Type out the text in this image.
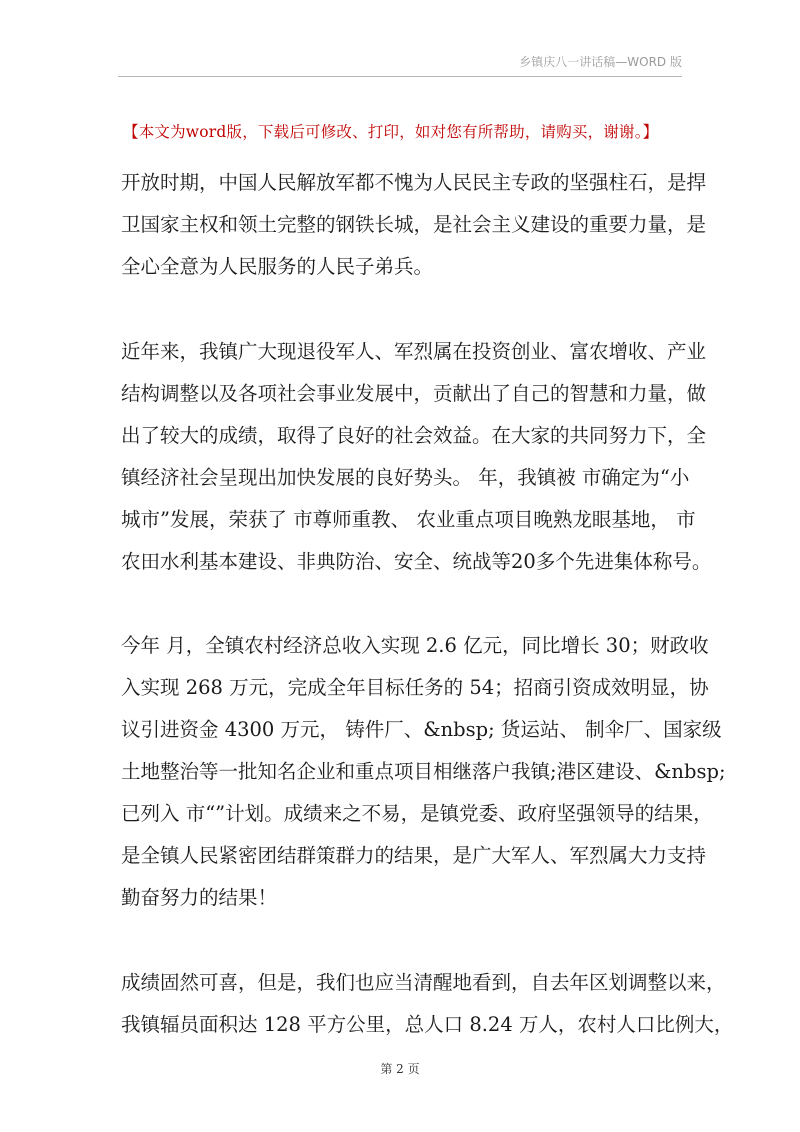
乡镇庆八一讲话稿—WORD 版
【本文为word版，下载后可修改、打印，如对您有所帮助，请购买，谢谢。】
开放时期，中国人民解放军都不愧为人民民主专政的坚强柱石，是捍
卫国家主权和领土完整的钢铁长城，是社会主义建设的重要力量，是
全心全意为人民服务的人民子弟兵。
近年来，我镇广大现退役军人、军烈属在投资创业、富农增收、产业
结构调整以及各项社会事业发展中，贡献出了自己的智慧和力量，做
出了较大的成绩，取得了良好的社会效益。在大家的共同努力下，全
镇经济社会呈现出加快发展的良好势头。 年，我镇被 市确定为“小
城市”发展，荣获了 市尊师重教、 农业重点项目晚熟龙眼基地， 市
农田水利基本建设、非典防治、安全、统战等20多个先进集体称号。
今年 月，全镇农村经济总收入实现 2.6 亿元，同比增长 30；财政收
入实现 268 万元，完成全年目标任务的 54；招商引资成效明显，协
议引进资金 4300 万元， 铸件厂、&nbsp; 货运站、 制伞厂、国家级
土地整治等一批知名企业和重点项目相继落户我镇;港区建设、&nbsp;
已列入 市“”计划。成绩来之不易，是镇党委、政府坚强领导的结果，
是全镇人民紧密团结群策群力的结果，是广大军人、军烈属大力支持
勤奋努力的结果！
成绩固然可喜，但是，我们也应当清醒地看到，自去年区划调整以来，
我镇辐员面积达 128 平方公里，总人口 8.24 万人，农村人口比例大，
第 2 页
